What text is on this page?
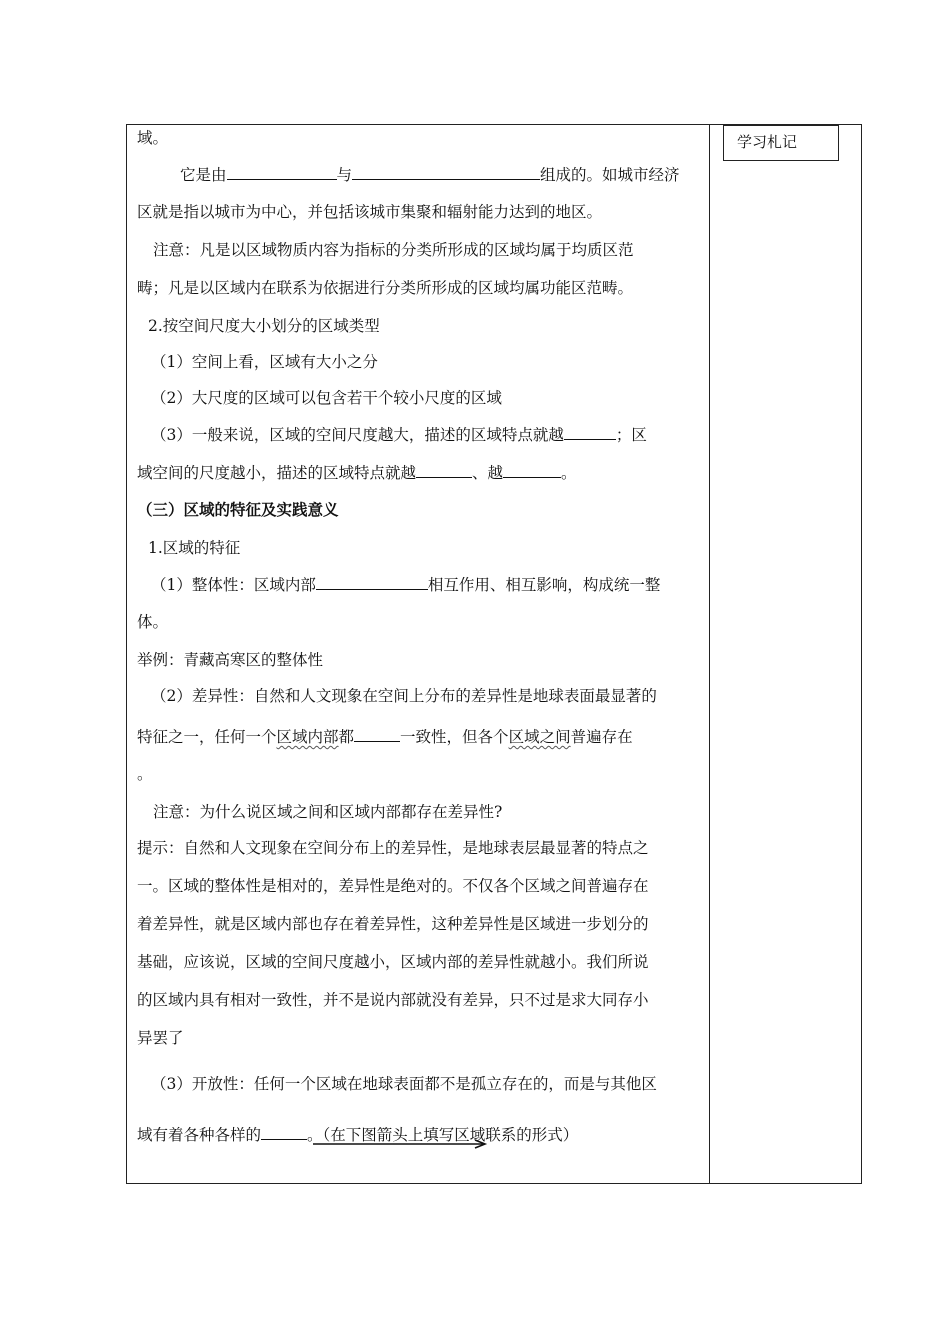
学习札记
域。
它是由	与	组成的。如城市经济
区就是指以城市为中心，并包括该城市集聚和辐射能力达到的地区。
注意：凡是以区域物质内容为指标的分类所形成的区域均属于均质区范
畴；凡是以区域内在联系为依据进行分类所形成的区域均属功能区范畴。
2.按空间尺度大小划分的区域类型
（1）空间上看，区域有大小之分
（2）大尺度的区域可以包含若干个较小尺度的区域
（3）一般来说，区域的空间尺度越大，描述的区域特点就越	；区
域空间的尺度越小，描述的区域特点就越	、越	。
（三）区域的特征及实践意义
1.区域的特征
（1）整体性：区域内部	相互作用、相互影响，构成统一整
体。
举例：青藏高寒区的整体性
（2）差异性：自然和人文现象在空间上分布的差异性是地球表面最显著的
特征之一，任何一个区域内部都	一致性，但各个区域之间普遍存在
。
注意：为什么说区域之间和区域内部都存在差异性?
提示：自然和人文现象在空间分布上的差异性，是地球表层最显著的特点之
一。区域的整体性是相对的，差异性是绝对的。不仅各个区域之间普遍存在
着差异性，就是区域内部也存在着差异性，这种差异性是区域进一步划分的
基础，应该说，区域的空间尺度越小，区域内部的差异性就越小。我们所说
的区域内具有相对一致性，并不是说内部就没有差异，只不过是求大同存小
异罢了
（3）开放性：任何一个区域在地球表面都不是孤立存在的，而是与其他区
域有着各种各样的	。（在下图箭头上填写区域联系的形式）
